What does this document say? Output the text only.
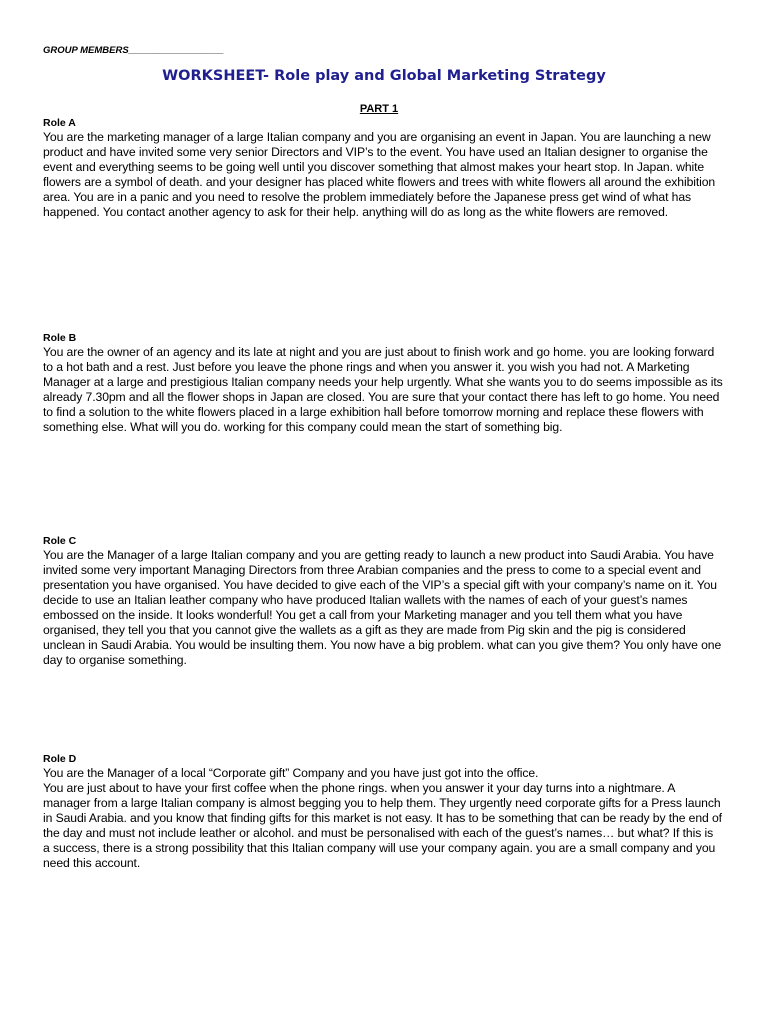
GROUP MEMBERS__________________
WORKSHEET- Role play and Global Marketing Strategy
PART 1
Role A

You are the marketing manager of a large Italian company and you are organising an event in Japan. You are launching a new product and have invited some very senior Directors and VIP’s to the event. You have used an Italian designer to organise the event and everything seems to be going well until you discover something that almost makes your heart stop. In Japan. white flowers are a symbol of death. and your designer has placed white flowers and trees with white flowers all around the exhibition area. You are in a panic and you need to resolve the problem immediately before the Japanese press get wind of what has happened. You contact another agency to ask for their help. anything will do as long as the white flowers are removed.

Role B

You are the owner of an agency and its late at night and you are just about to finish work and go home. you are looking forward to a hot bath and a rest. Just before you leave the phone rings and when you answer it. you wish you had not. A Marketing Manager at a large and prestigious Italian company needs your help urgently. What she wants you to do seems impossible as its already 7.30pm and all the flower shops in Japan are closed. You are sure that your contact there has left to go home. You need to find a solution to the white flowers placed in a large exhibition hall before tomorrow morning and replace these flowers with something else. What will you do. working for this company could mean the start of something big.

Role C

You are the Manager of a large Italian company and you are getting ready to launch a new product into Saudi Arabia. You have invited some very important Managing Directors from three Arabian companies and the press to come to a special event and presentation you have organised. You have decided to give each of the VIP’s a special gift with your company’s name on it. You decide to use an Italian leather company who have produced Italian wallets with the names of each of your guest’s names embossed on the inside. It looks wonderful! You get a call from your Marketing manager and you tell them what you have organised, they tell you that you cannot give the wallets as a gift as they are made from Pig skin and the pig is considered unclean in Saudi Arabia. You would be insulting them. You now have a big problem. what can you give them? You only have one day to organise something.

Role D

You are the Manager of a local “Corporate gift” Company and you have just got into the office.

You are just about to have your first coffee when the phone rings. when you answer it your day turns into a nightmare. A manager from a large Italian company is almost begging you to help them. They urgently need corporate gifts for a Press launch in Saudi Arabia. and you know that finding gifts for this market is not easy. It has to be something that can be ready by the end of the day and must not include leather or alcohol. and must be personalised with each of the guest’s names… but what? If this is a success, there is a strong possibility that this Italian company will use your company again. you are a small company and you need this account.
